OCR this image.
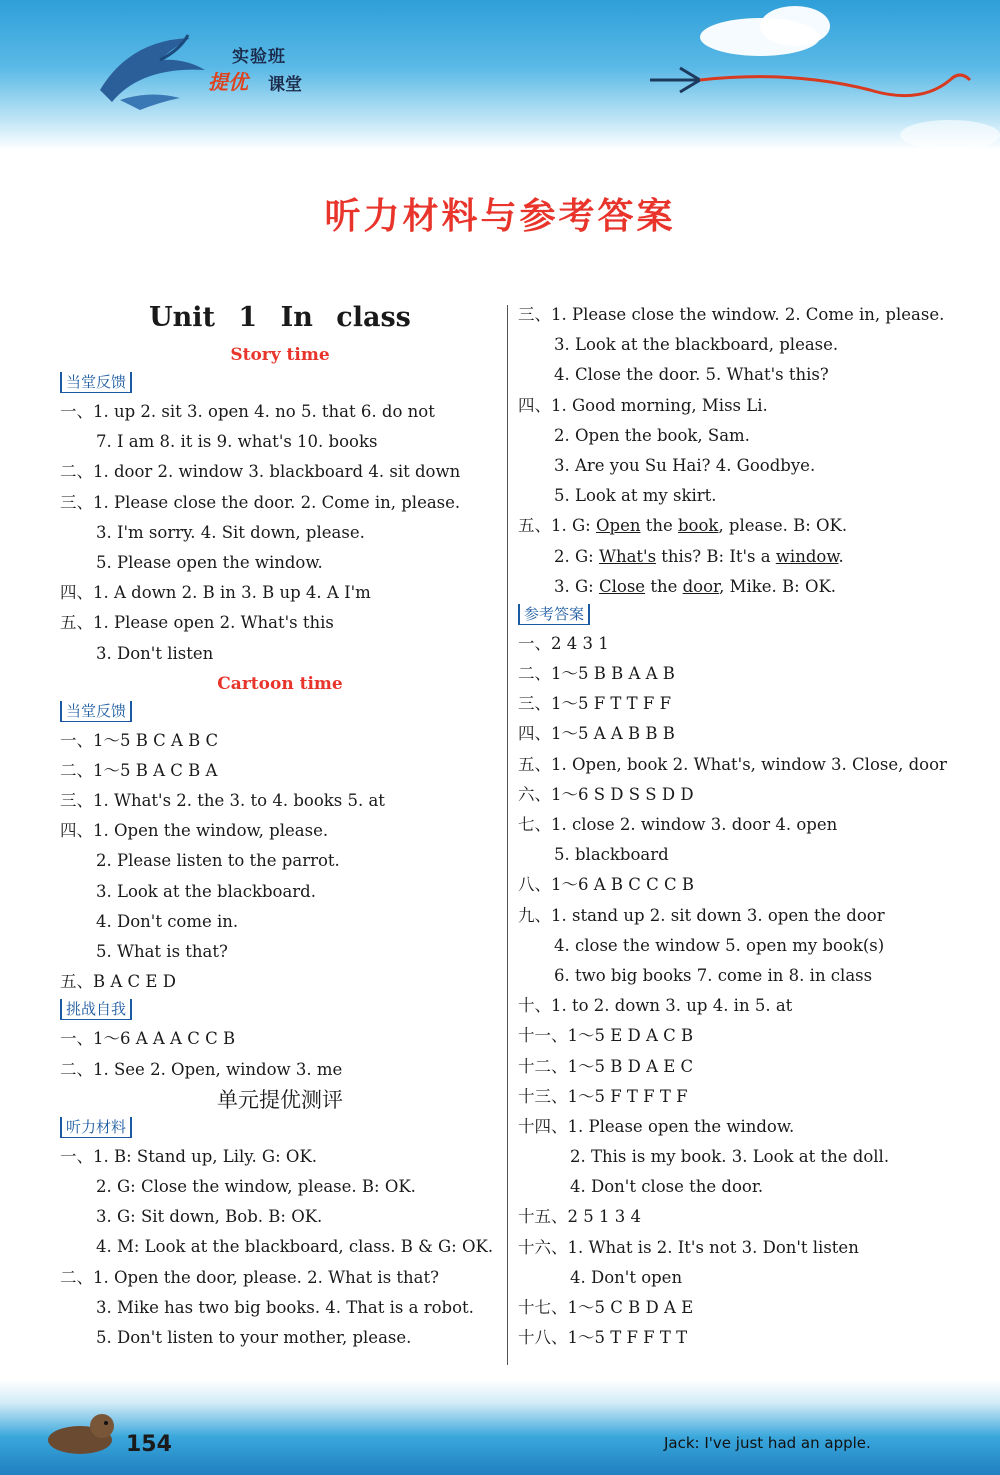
实验班
提优 课堂
听力材料与参考答案
Unit 1 In class
Story time
当堂反馈
一、1. up 2. sit 3. open 4. no 5. that 6. do not
7. I am 8. it is 9. what's 10. books
二、1. door 2. window 3. blackboard 4. sit down
三、1. Please close the door. 2. Come in, please.
3. I'm sorry. 4. Sit down, please.
5. Please open the window.
四、1. A down 2. B in 3. B up 4. A I'm
五、1. Please open 2. What's this
3. Don't listen
Cartoon time
当堂反馈
一、1～5 B C A B C
二、1～5 B A C B A
三、1. What's 2. the 3. to 4. books 5. at
四、1. Open the window, please.
2. Please listen to the parrot.
3. Look at the blackboard.
4. Don't come in.
5. What is that?
五、B A C E D
挑战自我
一、1～6 A A A C C B
二、1. See 2. Open, window 3. me
单元提优测评
听力材料
一、1. B: Stand up, Lily. G: OK.
2. G: Close the window, please. B: OK.
3. G: Sit down, Bob. B: OK.
4. M: Look at the blackboard, class. B & G: OK.
二、1. Open the door, please. 2. What is that?
3. Mike has two big books. 4. That is a robot.
5. Don't listen to your mother, please.
三、1. Please close the window. 2. Come in, please.
3. Look at the blackboard, please.
4. Close the door. 5. What's this?
四、1. Good morning, Miss Li.
2. Open the book, Sam.
3. Are you Su Hai? 4. Goodbye.
5. Look at my skirt.
五、1. G: Open the book, please. B: OK.
2. G: What's this? B: It's a window.
3. G: Close the door, Mike. B: OK.
参考答案
一、2 4 3 1
二、1～5 B B A A B
三、1～5 F T T F F
四、1～5 A A B B B
五、1. Open, book 2. What's, window 3. Close, door
六、1～6 S D S S D D
七、1. close 2. window 3. door 4. open
5. blackboard
八、1～6 A B C C C B
九、1. stand up 2. sit down 3. open the door
4. close the window 5. open my book(s)
6. two big books 7. come in 8. in class
十、1. to 2. down 3. up 4. in 5. at
十一、1～5 E D A C B
十二、1～5 B D A E C
十三、1～5 F T F T F
十四、1. Please open the window.
2. This is my book. 3. Look at the doll.
4. Don't close the door.
十五、2 5 1 3 4
十六、1. What is 2. It's not 3. Don't listen
4. Don't open
十七、1～5 C B D A E
十八、1～5 T F F T T
154	Jack: I've just had an apple.
